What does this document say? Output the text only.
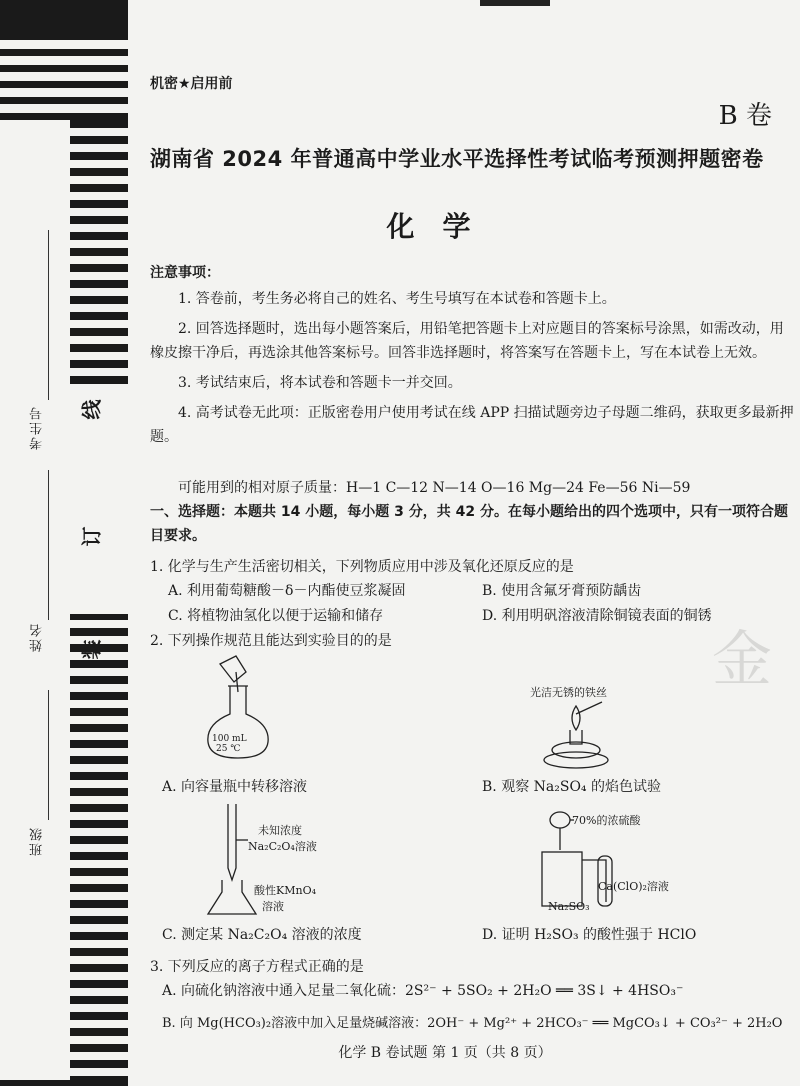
考生号
姓名
班级
线
订
装
机密★启用前
B 卷
湖南省 2024 年普通高中学业水平选择性考试临考预测押题密卷
化学
注意事项：

1. 答卷前，考生务必将自己的姓名、考生号填写在本试卷和答题卡上。

2. 回答选择题时，选出每小题答案后，用铅笔把答题卡上对应题目的答案标号涂黑，如需改动，用橡皮擦干净后，再选涂其他答案标号。回答非选择题时，将答案写在答题卡上，写在本试卷上无效。

3. 考试结束后，将本试卷和答题卡一并交回。

4. 高考试卷无此项：正版密卷用户使用考试在线 APP 扫描试题旁边子母题二维码，获取更多最新押题。

可能用到的相对原子质量：H—1 C—12 N—14 O—16 Mg—24 Fe—56 Ni—59
一、选择题：本题共 14 小题，每小题 3 分，共 42 分。在每小题给出的四个选项中，只有一项符合题目要求。
1. 化学与生产生活密切相关，下列物质应用中涉及氧化还原反应的是
A. 利用葡萄糖酸－δ－内酯使豆浆凝固	B. 使用含氟牙膏预防龋齿
C. 将植物油氢化以便于运输和储存	D. 利用明矾溶液清除铜镜表面的铜锈
2. 下列操作规范且能达到实验目的的是
100 mL
25 ℃
光洁无锈的铁丝
A. 向容量瓶中转移溶液	B. 观察 Na₂SO₄ 的焰色试验
未知浓度
Na₂C₂O₄溶液
酸性KMnO₄
溶液
70%的浓硫酸
Ca(ClO)₂溶液
Na₂SO₃
C. 测定某 Na₂C₂O₄ 溶液的浓度	D. 证明 H₂SO₃ 的酸性强于 HClO
3. 下列反应的离子方程式正确的是
A. 向硫化钠溶液中通入足量二氧化硫：2S²⁻ + 5SO₂ + 2H₂O ══ 3S↓ + 4HSO₃⁻
B. 向 Mg(HCO₃)₂溶液中加入足量烧碱溶液：2OH⁻ + Mg²⁺ + 2HCO₃⁻ ══ MgCO₃↓ + CO₃²⁻ + 2H₂O
化学 B 卷试题 第 1 页（共 8 页）
金
